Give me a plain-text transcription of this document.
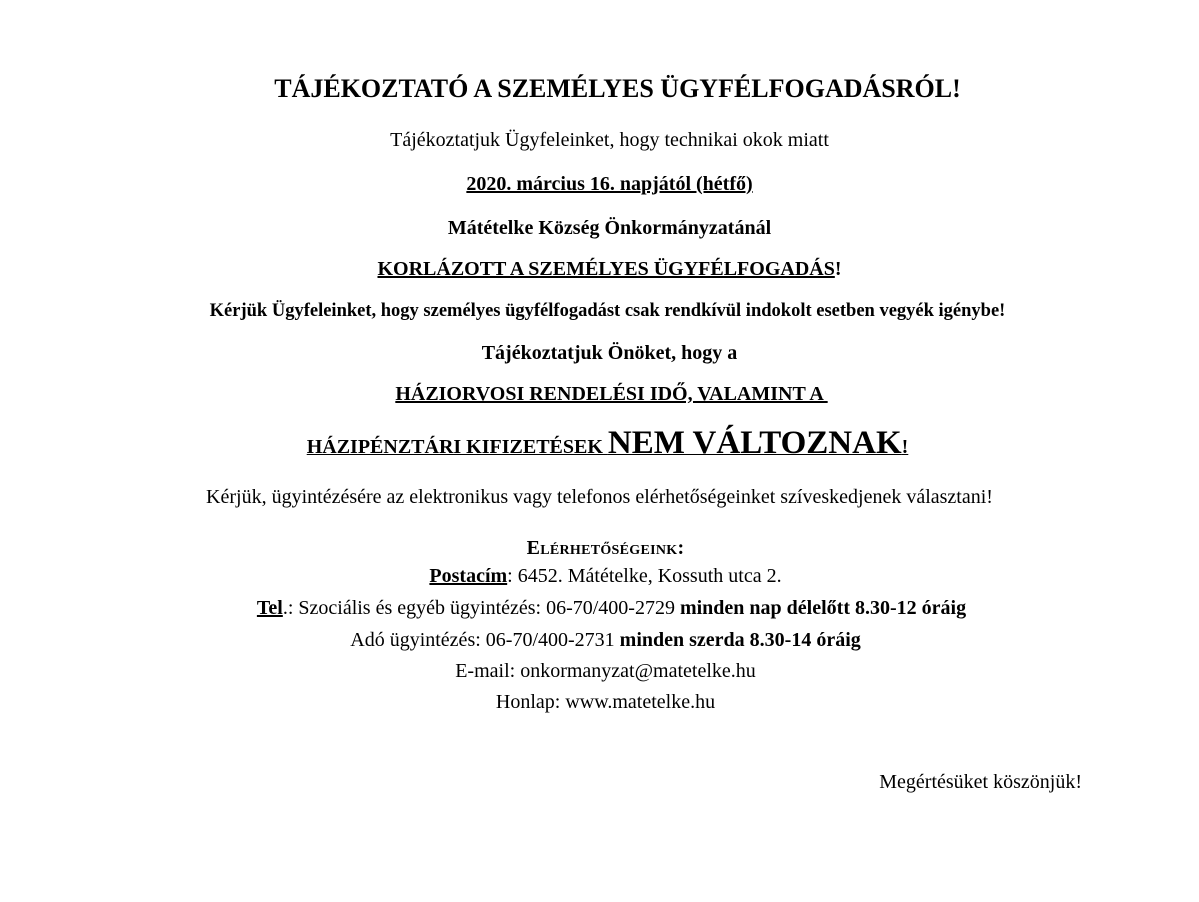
TÁJÉKOZTATÓ A SZEMÉLYES ÜGYFÉLFOGADÁSRÓL!
Tájékoztatjuk Ügyfeleinket, hogy technikai okok miatt
2020. március 16. napjától (hétfő)
Mátételke Község Önkormányzatánál
KORLÁZOTT A SZEMÉLYES ÜGYFÉLFOGADÁS!
Kérjük Ügyfeleinket, hogy személyes ügyfélfogadást csak rendkívül indokolt esetben vegyék igénybe!
Tájékoztatjuk Önöket, hogy a
HÁZIORVOSI RENDELÉSI IDŐ, VALAMINT A
HÁZIPÉNZTÁRI KIFIZETÉSEK NEM VÁLTOZNAK!
Kérjük, ügyintézésére az elektronikus vagy telefonos elérhetőségeinket szíveskedjenek választani!
Elérhetőségeink:
Postacím: 6452. Mátételke, Kossuth utca 2.
Tel.: Szociális és egyéb ügyintézés: 06-70/400-2729 minden nap délelőtt 8.30-12 óráig
Adó ügyintézés: 06-70/400-2731 minden szerda 8.30-14 óráig
E-mail: onkormanyzat@matetelke.hu
Honlap: www.matetelke.hu
Megértésüket köszönjük!
